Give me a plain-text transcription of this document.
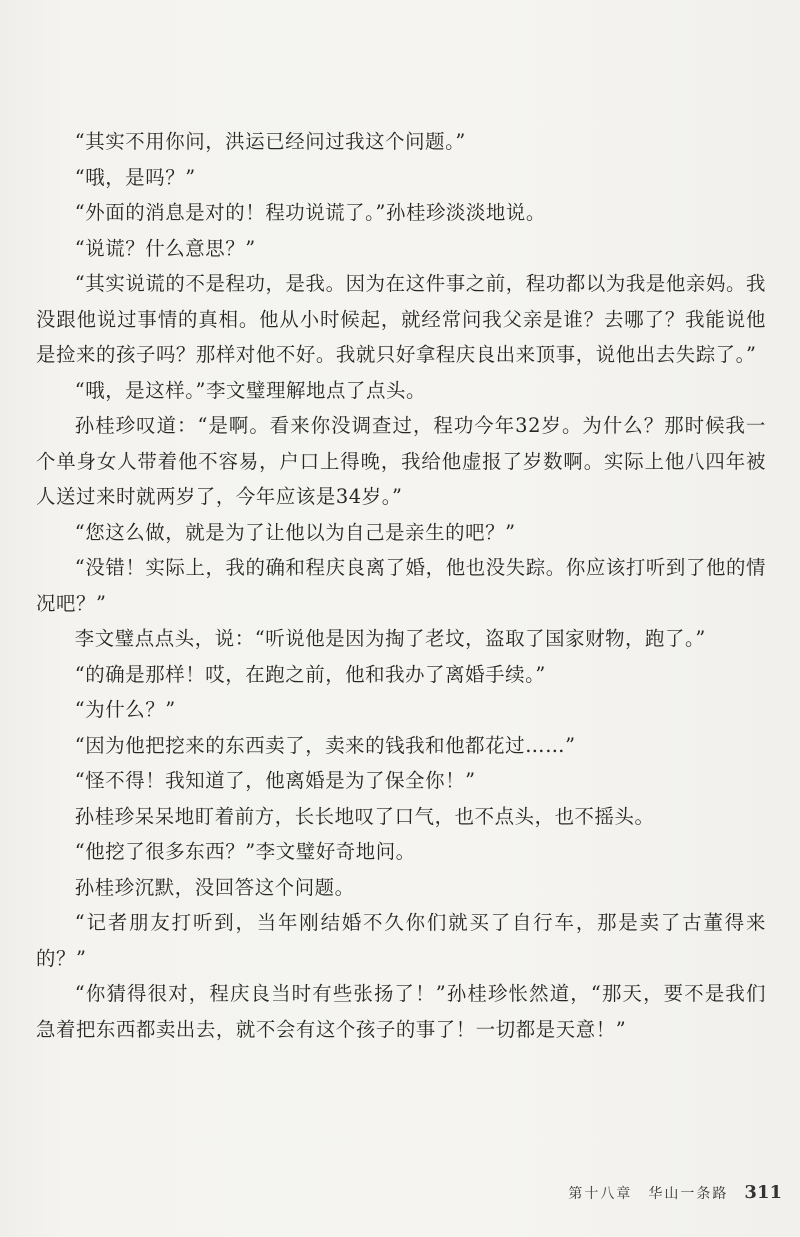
“其实不用你问，洪运已经问过我这个问题。”

“哦，是吗？”

“外面的消息是对的！程功说谎了。”孙桂珍淡淡地说。

“说谎？什么意思？”

“其实说谎的不是程功，是我。因为在这件事之前，程功都以为我是他亲妈。我没跟他说过事情的真相。他从小时候起，就经常问我父亲是谁？去哪了？我能说他是捡来的孩子吗？那样对他不好。我就只好拿程庆良出来顶事，说他出去失踪了。”

“哦，是这样。”李文璧理解地点了点头。

孙桂珍叹道：“是啊。看来你没调查过，程功今年32岁。为什么？那时候我一个单身女人带着他不容易，户口上得晚，我给他虚报了岁数啊。实际上他八四年被人送过来时就两岁了，今年应该是34岁。”

“您这么做，就是为了让他以为自己是亲生的吧？”

“没错！实际上，我的确和程庆良离了婚，他也没失踪。你应该打听到了他的情况吧？”

李文璧点点头，说：“听说他是因为掏了老坟，盗取了国家财物，跑了。”

“的确是那样！哎，在跑之前，他和我办了离婚手续。”

“为什么？”

“因为他把挖来的东西卖了，卖来的钱我和他都花过……”

“怪不得！我知道了，他离婚是为了保全你！”

孙桂珍呆呆地盯着前方，长长地叹了口气，也不点头，也不摇头。

“他挖了很多东西？”李文璧好奇地问。

孙桂珍沉默，没回答这个问题。

“记者朋友打听到，当年刚结婚不久你们就买了自行车，那是卖了古董得来的？”

“你猜得很对，程庆良当时有些张扬了！”孙桂珍怅然道，“那天，要不是我们急着把东西都卖出去，就不会有这个孩子的事了！一切都是天意！”

第十八章　华山一条路 311
